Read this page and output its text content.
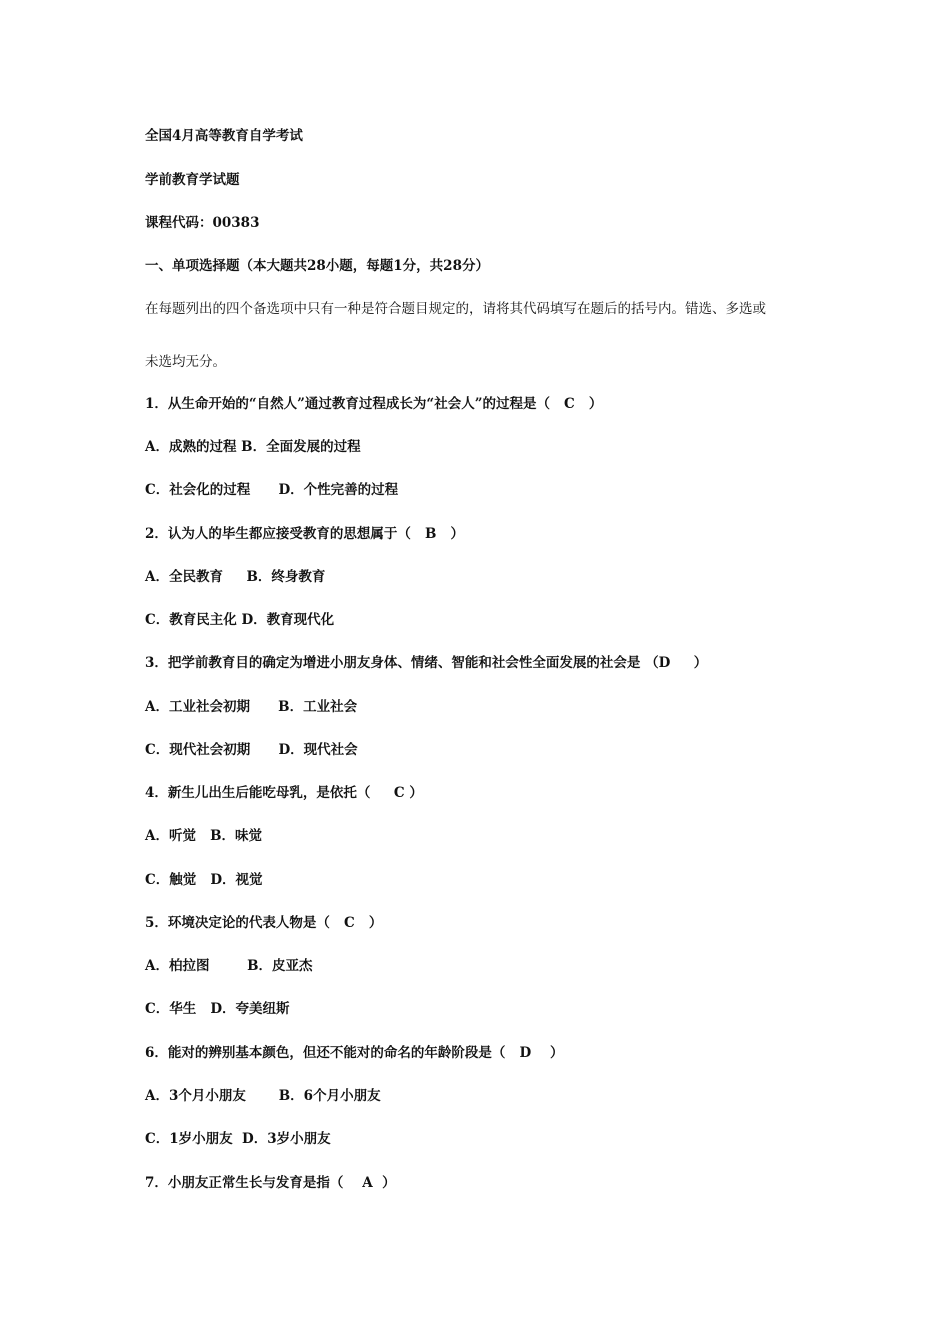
全国4月高等教育自学考试
学前教育学试题
课程代码：00383
一、单项选择题（本大题共28小题，每题1分，共28分）
在每题列出的四个备选项中只有一种是符合题目规定的，请将其代码填写在题后的括号内。错选、多选或
未选均无分。
1．从生命开始的“自然人”通过教育过程成长为“社会人”的过程是（   C   ）
A．成熟的过程 B．全面发展的过程
C．社会化的过程      D．个性完善的过程
2．认为人的毕生都应接受教育的思想属于（   B   ）
A．全民教育     B．终身教育
C．教育民主化 D．教育现代化
3．把学前教育目的确定为增进小朋友身体、情绪、智能和社会性全面发展的社会是 （D     ）
A．工业社会初期      B．工业社会
C．现代社会初期      D．现代社会
4．新生儿出生后能吃母乳，是依托（     C ）
A．听觉   B．味觉
C．触觉   D．视觉
5．环境决定论的代表人物是（   C   ）
A．柏拉图        B．皮亚杰
C．华生   D．夸美纽斯
6．能对的辨别基本颜色，但还不能对的命名的年龄阶段是（   D    ）
A．3个月小朋友       B．6个月小朋友
C．1岁小朋友  D．3岁小朋友
7．小朋友正常生长与发育是指（    A  ）
